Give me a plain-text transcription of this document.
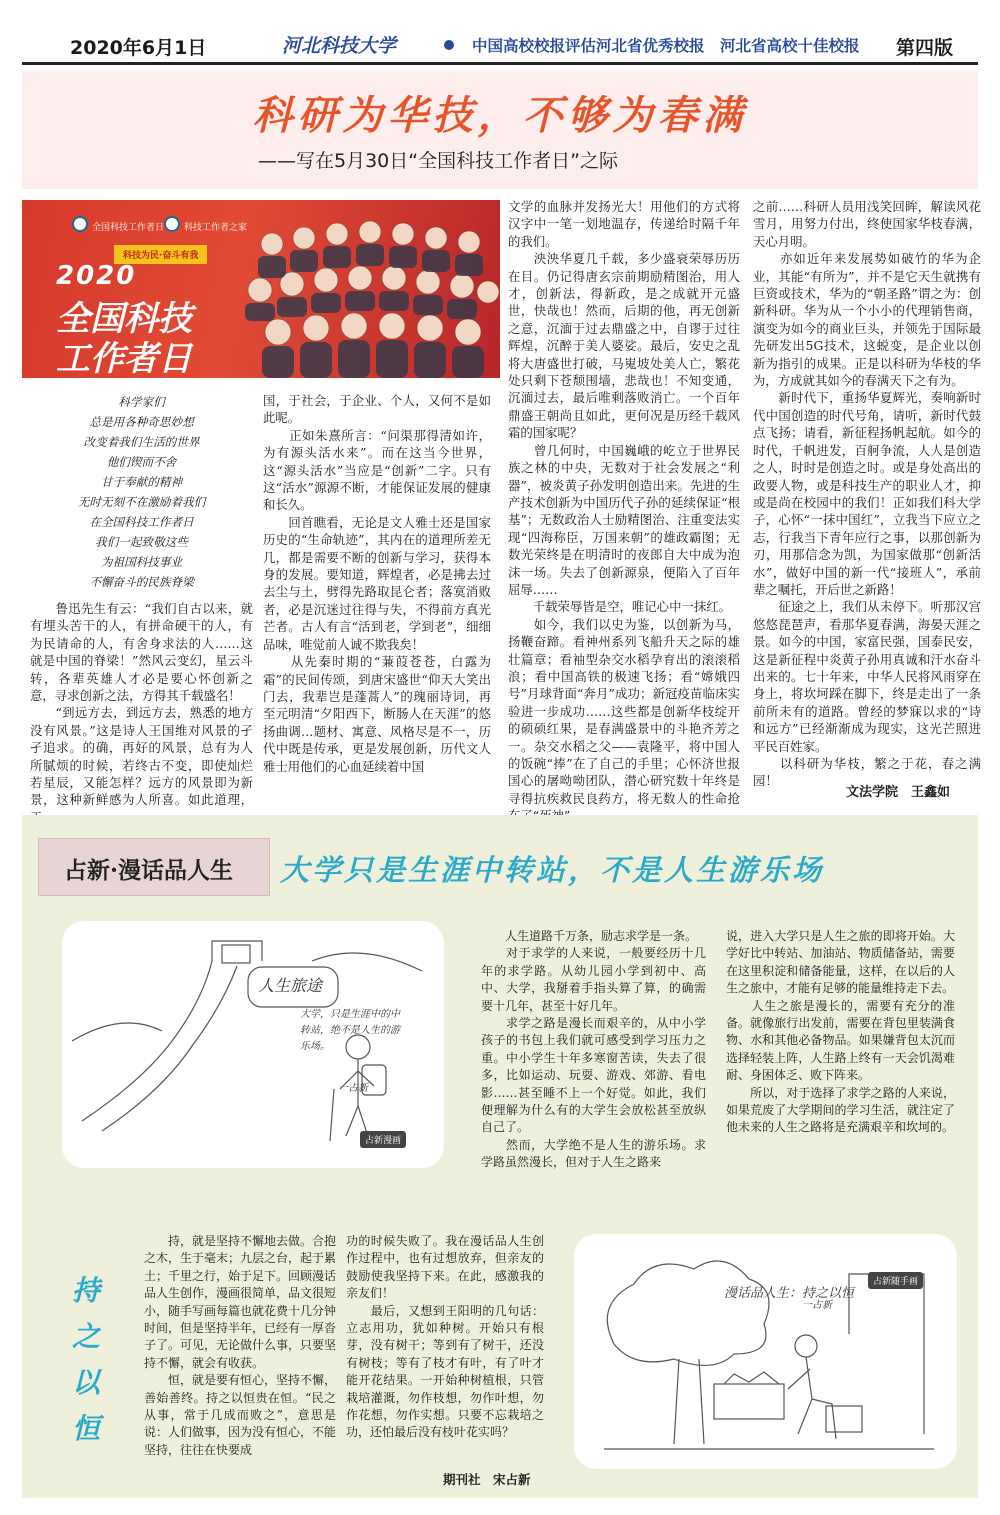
2020年6月1日	河北科技大学	中国高校校报评估河北省优秀校报　河北省高校十佳校报 第四版
科研为华技，不够为春满
——写在5月30日“全国科技工作者日”之际
全国科技工作者日 科技工作者之家
科技为民·奋斗有我
2020
全国科技
工作者日
科学家们
总是用各种奇思妙想
改变着我们生活的世界
他们锲而不舍
甘于奉献的精神
无时无刻不在激励着我们
在全国科技工作者日
我们一起致敬这些
为祖国科技事业
不懈奋斗的民族脊梁
　　鲁迅先生有云：“我们自古以来，就有埋头苦干的人，有拼命硬干的人，有为民请命的人，有舍身求法的人……这就是中国的脊梁！”然风云变幻，星云斗转，各辈英雄人才必是要心怀创新之意，寻求创新之法，方得其千载盛名！
　　“到远方去，到远方去，熟悉的地方没有风景。”这是诗人王国维对风景的孑孑追求。的确，再好的风景，总有为人所腻烦的时候，若终古不变，即使灿烂若星辰，又能怎样？远方的风景即为新景，这种新鲜感为人所喜。如此道理，
国，于社会，于企业、个人，又何不是如此呢。
　　正如朱熹所言：“问渠那得清如许，为有源头活水来”。而在这当今世界，这“源头活水”当应是“创新”二字。只有这“活水”源源不断，才能保证发展的健康和长久。
　　回首瞧看，无论是文人雅士还是国家历史的“生命轨迹”，其内在的道理所差无几，都是需要不断的创新与学习，获得本身的发展。要知道，辉煌者，必是拂去过去尘与土，劈得先路取昆仑者；落寞消败者，必是沉迷过往得与失，不得前方真光芒者。古人有言“活到老，学到老”，细细品味，唯觉前人诚不欺我矣！
　　从先秦时期的“蒹葭苍苍，白露为霜”的民间传颂，到唐宋盛世“仰天大笑出门去，我辈岂是蓬蒿人”的瑰丽诗词，再至元明清“夕阳西下，断肠人在天涯”的悠扬曲调…题材、寓意、风格尽是不一，历代中既是传承，更是发展创新，历代文人雅士用他们的心血延续着中国
文学的血脉并发扬光大！用他们的方式将汉字中一笔一划地温存，传递给时隔千年的我们。
　　泱泱华夏几千载，多少盛衰荣辱历历在目。仍记得唐玄宗前期励精图治，用人才，创新法，得新政，是之成就开元盛世，快哉也！然而，后期的他，再无创新之意，沉湎于过去鼎盛之中，自谬于过往辉煌，沉醉于美人婆娑。最后，安史之乱将大唐盛世打破，马嵬坡处美人亡，繁花处只剩下苍颓围墙，悲哉也！不知变通，沉湎过去，最后唯剩落败消亡。一个百年鼎盛王朝尚且如此，更何况是历经千载风霜的国家呢？
　　曾几何时，中国巍峨的屹立于世界民族之林的中央，无数对于社会发展之“利器”，被炎黄子孙发明创造出来。先进的生产技术创新为中国历代子孙的延续保证“根基”；无数政治人士励精图治、注重变法实现“四海称臣，万国来朝”的雄政霸图；无数光荣终是在明清时的夜郎自大中成为泡沫一场。失去了创新源泉，便陷入了百年屈辱……
　　千载荣辱皆是空，唯记心中一抹红。
　　如今，我们以史为鉴，以创新为马，扬鞭奋蹄。看神州系列飞船升天之际的雄壮篇章；看袖型杂交水稻孕育出的滚滚稻浪；看中国高铁的极速飞扬；看“嫦娥四号”月球背面“奔月”成功；新冠疫苗临床实验进一步成功……这些都是创新华枝绽开的硕硕红果，是春满盛景中的斗艳齐芳之一。杂交水稻之父——袁隆平，将中国人的饭碗“捧”在了自己的手里；心怀济世报国心的屠呦呦团队，潜心研究数十年终是寻得抗疾救民良药方，将无数人的性命抢
之前……科研人员用浅笑回眸，解读风花雪月，用努力付出，终使国家华枝春满，天心月明。
　　亦如近年来发展势如破竹的华为企业，其能“有所为”，并不是它天生就携有巨资或技术，华为的“朝圣路”谓之为：创新科研。华为从一个小小的代理销售商，演变为如今的商业巨头，并领先于国际最先研发出5G技术，这蜕变，是企业以创新为指引的成果。正是以科研为华枝的华为，方成就其如今的春满天下之有为。
　　新时代下，重扬华夏辉光，奏响新时代中国创造的时代号角，请听，新时代鼓点飞扬；请看，新征程扬帆起航。如今的时代，千帆进发，百舸争流，人人是创造之人，时时是创造之时。或是身处高出的政要人物，或是科技生产的职业人才，抑或是尚在校园中的我们！正如我们科大学子，心怀“一抹中国红”，立我当下应立之志，行我当下青年应行之事，以那创新为刃，用那信念为凯，为国家做那“创新活水”，做好中国的新一代“接班人”，承前辈之嘱托，开后世之新路！
　　征途之上，我们从未停下。听那汉宫悠悠琵琶声，看那华夏春满，海晏天涯之景。如今的中国，家富民强，国泰民安，这是新征程中炎黄子孙用真诚和汗水奋斗出来的。七十年来，中华人民将风雨穿在身上，将坎坷踩在脚下，终是走出了一条前所未有的道路。曾经的梦寐以求的“诗和远方”已经渐渐成为现实，这光芒照进平民百姓家。
　　以科研为华枝，繁之于花，春之满园！
文法学院　王鑫如
占新·漫话品人生 大学只是生涯中转站，不是人生游乐场
人生旅途
大学，只是生涯中的中转站，绝不是人生的游乐场。
一占新
占新漫画
　　人生道路千万条，励志求学是一条。
　　对于求学的人来说，一般要经历十几年的求学路。从幼儿园小学到初中、高中、大学，我掰着手指头算了算，的确需要十几年，甚至十好几年。
　　求学之路是漫长而艰辛的，从中小学孩子的书包上我们就可感受到学习压力之重。中小学生十年多寒窗苦读，失去了很多，比如运动、玩耍、游戏、郊游、看电影……甚至睡不上一个好觉。如此，我们便理解为什么有的大学生会放松甚至放纵自己了。
　　然而，大学绝不是人生的游乐场。求学路虽然漫长，但对于人生之路来
说，进入大学只是人生之旅的即将开始。大学好比中转站、加油站、物质储备站，需要在这里积淀和储备能量，这样，在以后的人生之旅中，才能有足够的能量维持走下去。
　　人生之旅是漫长的，需要有充分的准备。就像旅行出发前，需要在背包里装满食物、水和其他必备物品。如果嫌背包太沉而选择轻装上阵，人生路上终有一天会饥渴难耐、身困体乏、败下阵来。
　　所以，对于选择了求学之路的人来说，如果荒废了大学期间的学习生活，就注定了他未来的人生之路将是充满艰辛和坎坷的。
持
之
以
恒
　　持，就是坚持不懈地去做。合抱之木，生于毫末；九层之台，起于累土；千里之行，始于足下。回顾漫话品人生创作，漫画很简单，品文很短小，随手写画每篇也就花费十几分钟时间，但是坚持半年，已经有一厚沓子了。可见，无论做什么事，只要坚持不懈，就会有收获。
　　恒，就是要有恒心，坚持不懈，善始善终。持之以恒贵在恒。“民之从事，常于几成而败之”，意思是说：人们做事，因为没有恒心，不能坚持，往往在快要成
功的时候失败了。我在漫话品人生创作过程中，也有过想放弃，但亲友的鼓励使我坚持下来。在此，感激我的亲友们！
　　最后，又想到王阳明的几句话：立志用功，犹如种树。开始只有根芽，没有树干；等到有了树干，还没有树枝；等有了枝才有叶，有了叶才能开花结果。一开始种树植根，只管栽培灌溉，勿作枝想，勿作叶想，勿作花想，勿作实想。只要不忘栽培之功，还怕最后没有枝叶花实吗？
期刊社　宋占新
漫话品人生：持之以恒
占新随手画
一占新
